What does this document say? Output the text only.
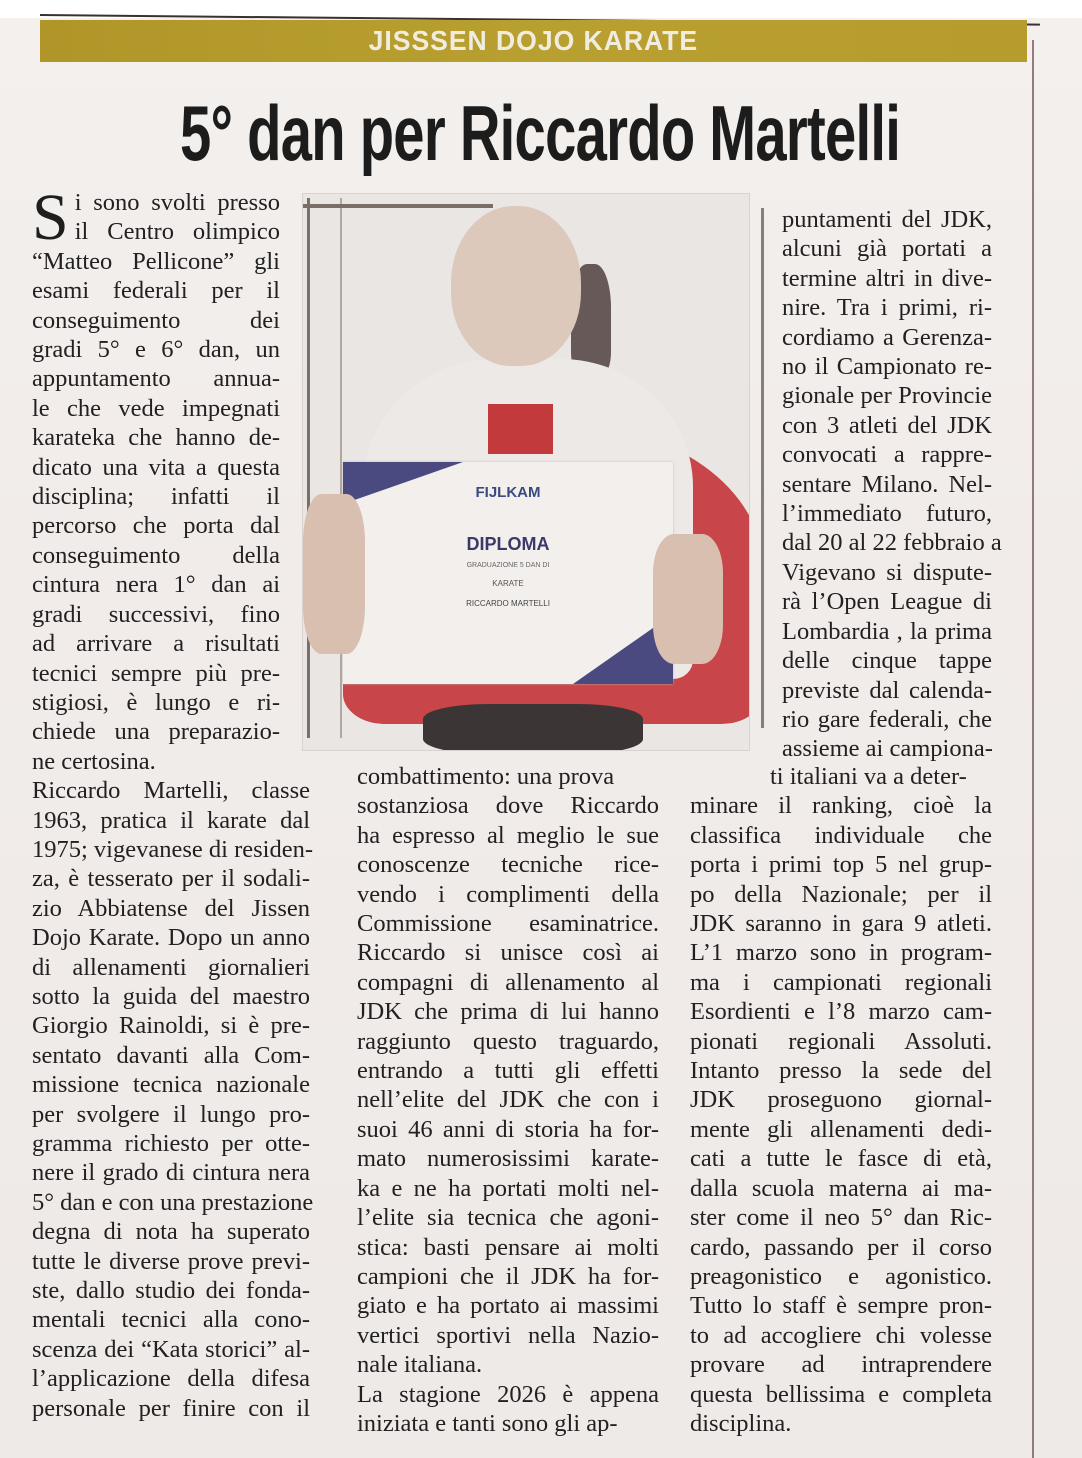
JISSSEN DOJO KARATE
5° dan per Riccardo Martelli
S i sono svolti presso
il Centro olimpico
“Matteo Pellicone” gli
esami federali per il
conseguimento dei
gradi 5° e 6° dan, un
appuntamento annua-
le che vede impegnati
karateka che hanno de-
dicato una vita a questa
disciplina; infatti il
percorso che porta dal
conseguimento della
cintura nera 1° dan ai
gradi successivi, fino
ad arrivare a risultati
tecnici sempre più pre-
stigiosi, è lungo e ri-
chiede una preparazio-
ne certosina.
Riccardo Martelli, classe
1963, pratica il karate dal
1975; vigevanese di residen-
za, è tesserato per il sodali-
zio Abbiatense del Jissen
Dojo Karate. Dopo un anno
di allenamenti giornalieri
sotto la guida del maestro
Giorgio Rainoldi, si è pre-
sentato davanti alla Com-
missione tecnica nazionale
per svolgere il lungo pro-
gramma richiesto per otte-
nere il grado di cintura nera
5° dan e con una prestazione
degna di nota ha superato
tutte le diverse prove previ-
ste, dallo studio dei fonda-
mentali tecnici alla cono-
scenza dei “Kata storici” al-
l’applicazione della difesa
personale per finire con il
FIJLKAM
DIPLOMA
GRADUAZIONE 5 DAN DI
KARATE
RICCARDO MARTELLI
puntamenti del JDK,
alcuni già portati a
termine altri in dive-
nire. Tra i primi, ri-
cordiamo a Gerenza-
no il Campionato re-
gionale per Provincie
con 3 atleti del JDK
convocati a rappre-
sentare Milano. Nel-
l’immediato futuro,
dal 20 al 22 febbraio a
Vigevano si disputе-
rà l’Open League di
Lombardia , la prima
delle cinque tappe
previste dal calenda-
rio gare federali, che
assieme ai campiona-
combattimento: una prova
sostanziosa dove Riccardo
ha espresso al meglio le sue
conoscenze tecniche rice-
vendo i complimenti della
Commissione esaminatrice.
Riccardo si unisce così ai
compagni di allenamento al
JDK che prima di lui hanno
raggiunto questo traguardo,
entrando a tutti gli effetti
nell’elite del JDK che con i
suoi 46 anni di storia ha for-
mato numerosissimi karate-
ka e ne ha portati molti nel-
l’elite sia tecnica che agoni-
stica: basti pensare ai molti
campioni che il JDK ha for-
giato e ha portato ai massimi
vertici sportivi nella Nazio-
nale italiana.
La stagione 2026 è appena
iniziata e tanti sono gli ap-
ti italiani va a deter-
minare il ranking, cioè la
classifica individuale che
porta i primi top 5 nel grup-
po della Nazionale; per il
JDK saranno in gara 9 atleti.
L’1 marzo sono in program-
ma i campionati regionali
Esordienti e l’8 marzo cam-
pionati regionali Assoluti.
Intanto presso la sede del
JDK proseguono giornal-
mente gli allenamenti dedi-
cati a tutte le fasce di età,
dalla scuola materna ai ma-
ster come il neo 5° dan Ric-
cardo, passando per il corso
preagonistico e agonistico.
Tutto lo staff è sempre pron-
to ad accogliere chi volesse
provare ad intraprendere
questa bellissima e completa
disciplina.
